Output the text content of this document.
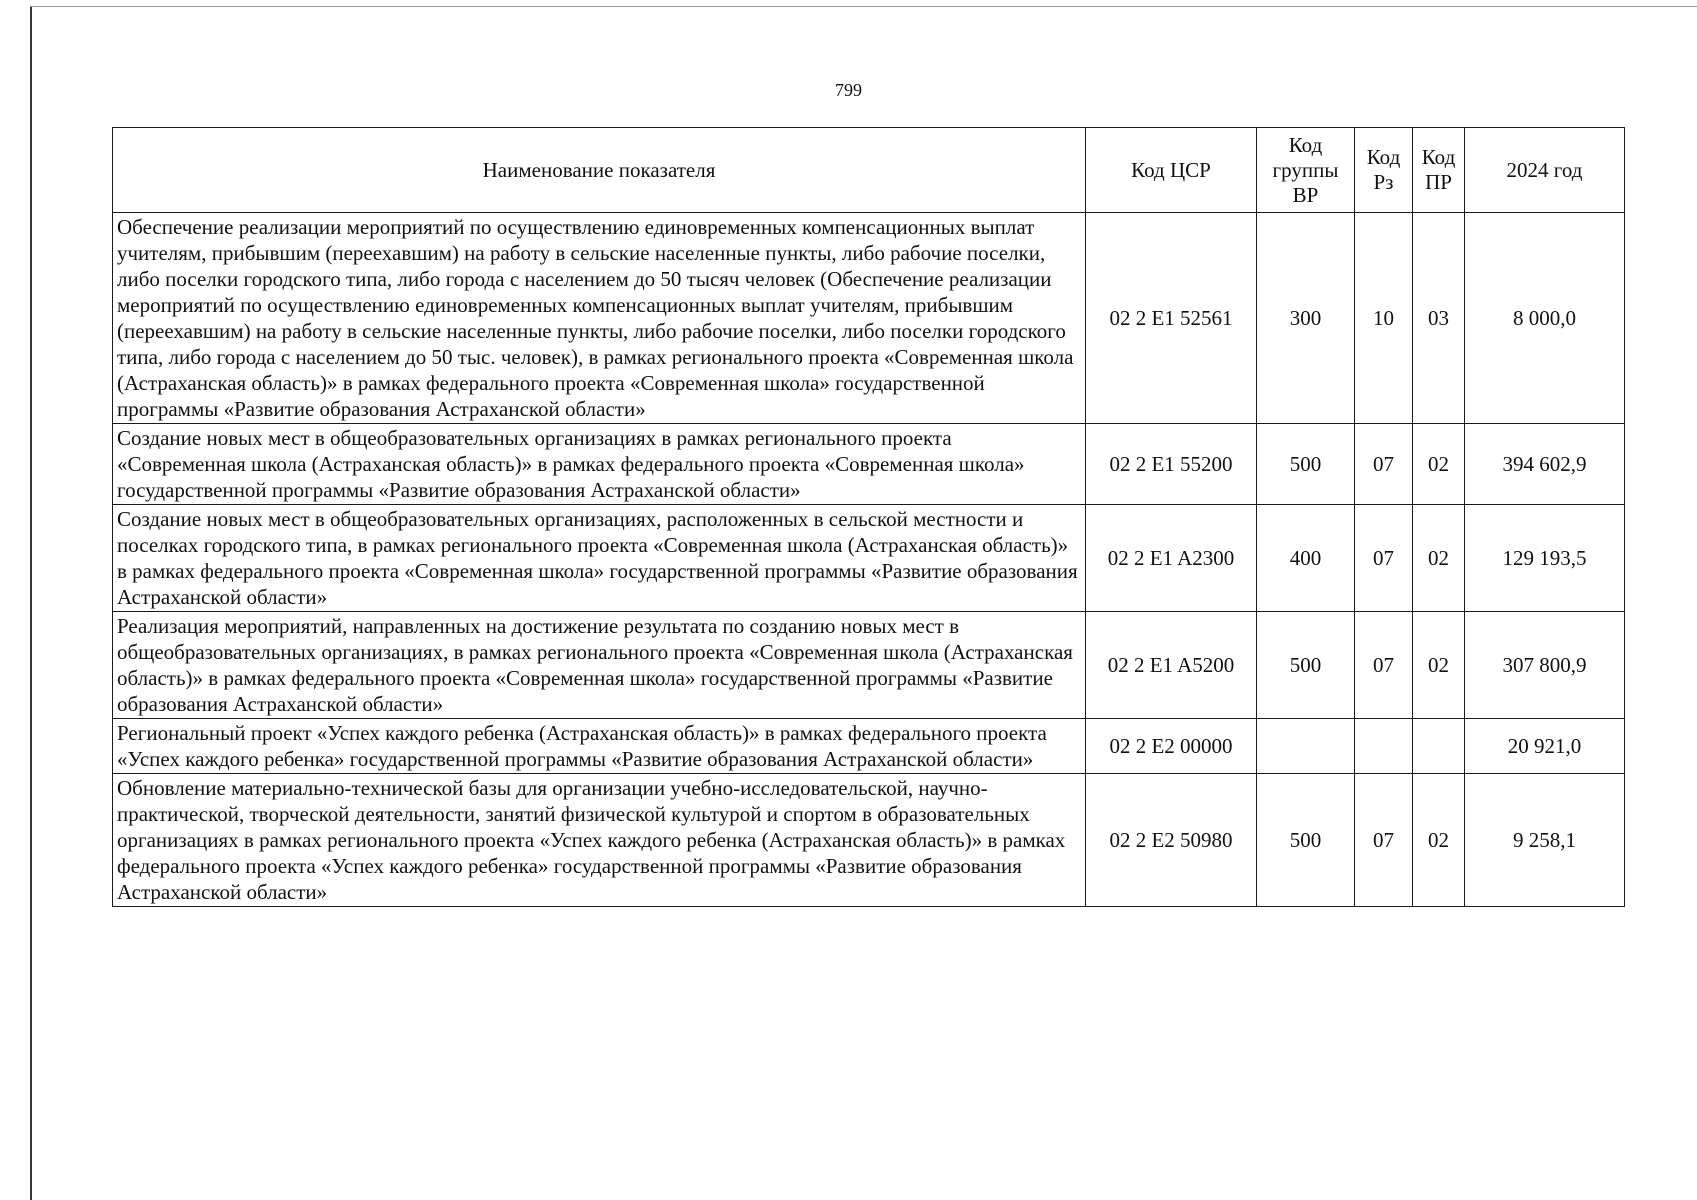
799
Наименование показателя	Код ЦСР	Код группы ВР	Код Рз	Код ПР	2024 год
Обеспечение реализации мероприятий по осуществлению единовременных компенсационных выплат учителям, прибывшим (переехавшим) на работу в сельские населенные пункты, либо рабочие поселки, либо поселки городского типа, либо города с населением до 50 тысяч человек (Обеспечение реализации мероприятий по осуществлению единовременных компенсационных выплат учителям, прибывшим (переехавшим) на работу в сельские населенные пункты, либо рабочие поселки, либо поселки городского типа, либо города с населением до 50 тыс. человек), в рамках регионального проекта «Современная школа (Астраханская область)» в рамках федерального проекта «Современная школа» государственной программы «Развитие образования Астраханской области»	02 2 E1 52561	300	10	03	8 000,0
Создание новых мест в общеобразовательных организациях в рамках регионального проекта «Современная школа (Астраханская область)» в рамках федерального проекта «Современная школа» государственной программы «Развитие образования Астраханской области»	02 2 E1 55200	500	07	02	394 602,9
Создание новых мест в общеобразовательных организациях, расположенных в сельской местности и поселках городского типа, в рамках регионального проекта «Современная школа (Астраханская область)» в рамках федерального проекта «Современная школа» государственной программы «Развитие образования Астраханской области»	02 2 E1 A2300	400	07	02	129 193,5
Реализация мероприятий, направленных на достижение результата по созданию новых мест в общеобразовательных организациях, в рамках регионального проекта «Современная школа (Астраханская область)» в рамках федерального проекта «Современная школа» государственной программы «Развитие образования Астраханской области»	02 2 E1 A5200	500	07	02	307 800,9
Региональный проект «Успех каждого ребенка (Астраханская область)» в рамках федерального проекта «Успех каждого ребенка» государственной программы «Развитие образования Астраханской области»	02 2 E2 00000				20 921,0
Обновление материально-технической базы для организации учебно-исследовательской, научно-практической, творческой деятельности, занятий физической культурой и спортом в образовательных организациях в рамках регионального проекта «Успех каждого ребенка (Астраханская область)» в рамках федерального проекта «Успех каждого ребенка» государственной программы «Развитие образования Астраханской области»	02 2 E2 50980	500	07	02	9 258,1
